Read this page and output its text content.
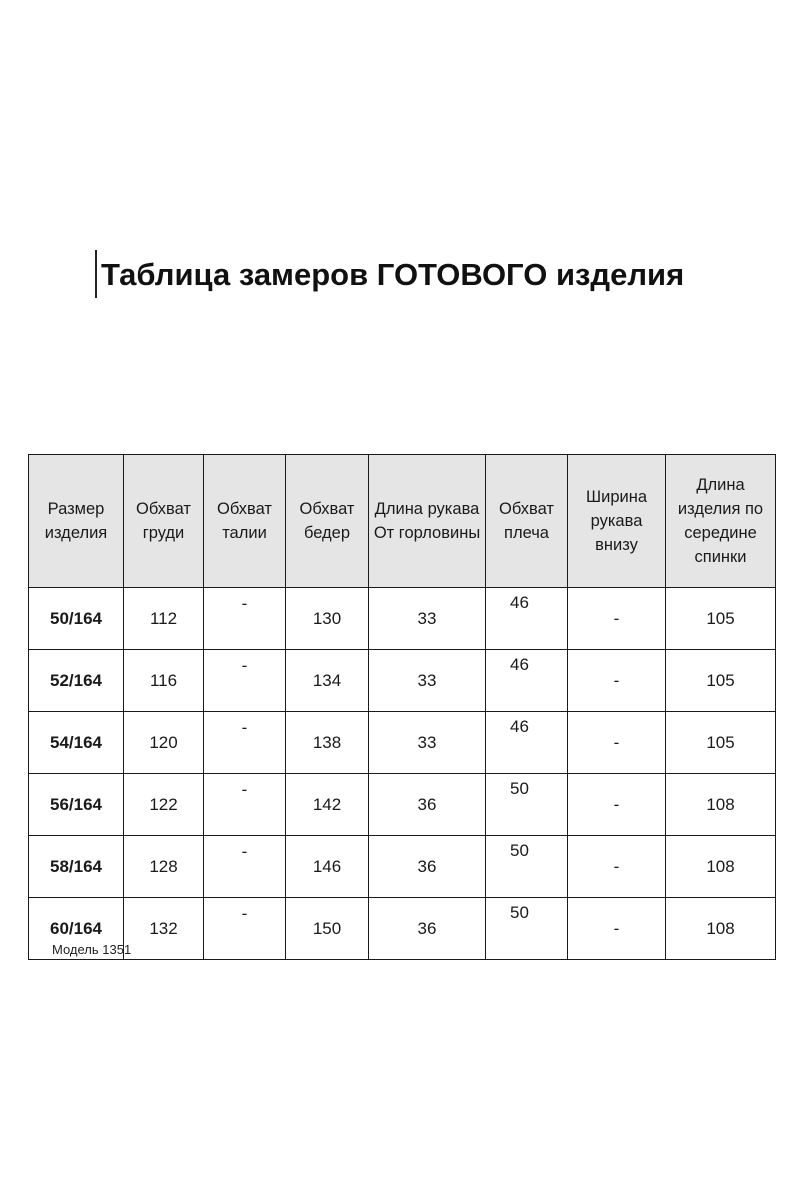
Таблица замеров ГОТОВОГО изделия
Размер изделия	Обхват груди	Обхват талии	Обхват бедер	Длина рукава От горловины	Обхват плеча	Ширина рукава внизу	Длина изделия по середине спинки
50/164	112	-	130	33	46	-	105
52/164	116	-	134	33	46	-	105
54/164	120	-	138	33	46	-	105
56/164	122	-	142	36	50	-	108
58/164	128	-	146	36	50	-	108
60/164	132	-	150	36	50	-	108
Модель 1351
